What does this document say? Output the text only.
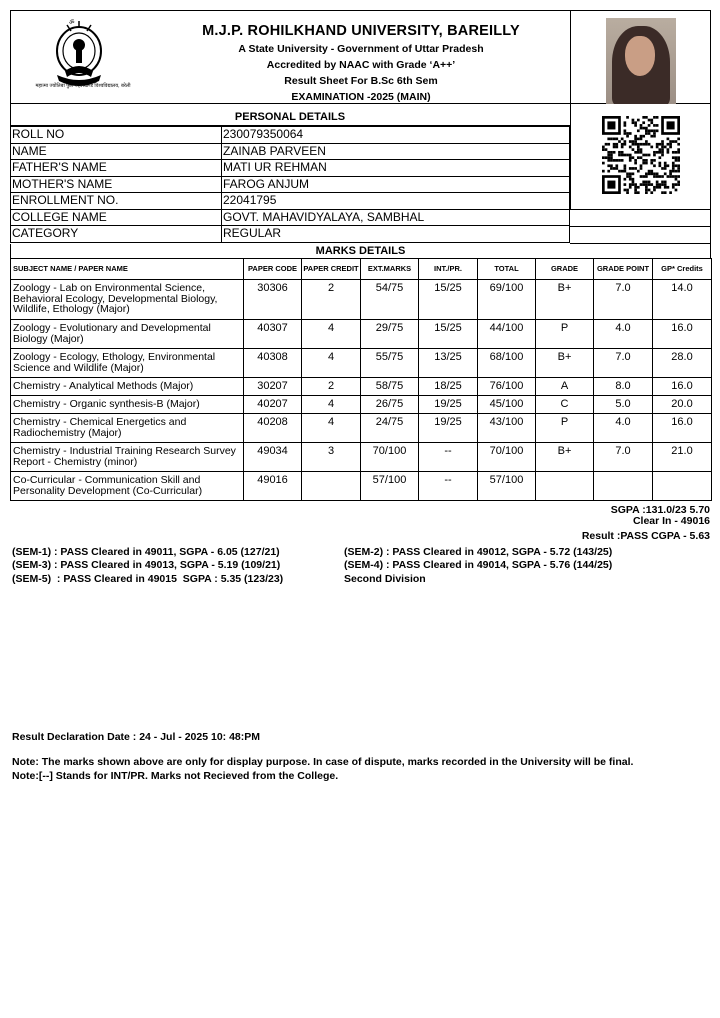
ॐ
महात्मा ज्योतिबा फुले रुहेलखण्ड विश्वविद्यालय, बरेली
M.J.P. ROHILKHAND UNIVERSITY, BAREILLY
A State University - Government of Uttar Pradesh
Accredited by NAAC with Grade ‘A++’
Result Sheet For B.Sc 6th Sem
EXAMINATION -2025 (MAIN)
PERSONAL DETAILS
ROLL NO	230079350064
NAME	ZAINAB PARVEEN
FATHER'S NAME	MATI UR REHMAN
MOTHER'S NAME	FAROG ANJUM
ENROLLMENT NO.	22041795
COLLEGE NAME	GOVT. MAHAVIDYALAYA, SAMBHAL
CATEGORY	REGULAR
MARKS DETAILS
SUBJECT NAME / PAPER NAME	PAPER CODE	PAPER CREDIT	EXT.MARKS	INT./PR.	TOTAL	GRADE	GRADE POINT	GP* Credits
Zoology - Lab on Environmental Science, Behavioral Ecology, Developmental Biology, Wildlife, Ethology (Major)	30306	2	54/75	15/25	69/100	B+	7.0	14.0
Zoology - Evolutionary and Developmental Biology (Major)	40307	4	29/75	15/25	44/100	P	4.0	16.0
Zoology - Ecology, Ethology, Environmental Science and Wildlife (Major)	40308	4	55/75	13/25	68/100	B+	7.0	28.0
Chemistry - Analytical Methods (Major)	30207	2	58/75	18/25	76/100	A	8.0	16.0
Chemistry - Organic synthesis-B (Major)	40207	4	26/75	19/25	45/100	C	5.0	20.0
Chemistry - Chemical Energetics and Radiochemistry (Major)	40208	4	24/75	19/25	43/100	P	4.0	16.0
Chemistry - Industrial Training Research Survey Report - Chemistry (minor)	49034	3	70/100	--	70/100	B+	7.0	21.0
Co-Curricular - Communication Skill and Personality Development (Co-Curricular)	49016		57/100	--	57/100			
SGPA :131.0/23 5.70
Clear In - 49016
Result :PASS CGPA - 5.63
(SEM-1) : PASS Cleared in 49011, SGPA - 6.05 (127/21)	(SEM-2) : PASS Cleared in 49012, SGPA - 5.72 (143/25)
(SEM-3) : PASS Cleared in 49013, SGPA - 5.19 (109/21)	(SEM-4) : PASS Cleared in 49014, SGPA - 5.76 (144/25)
(SEM-5)  : PASS Cleared in 49015  SGPA : 5.35 (123/23)	Second Division
Result Declaration Date : 24 - Jul - 2025 10: 48:PM
Note: The marks shown above are only for display purpose. In case of dispute, marks recorded in the University will be final.
Note:[--] Stands for INT/PR. Marks not Recieved from the College.
